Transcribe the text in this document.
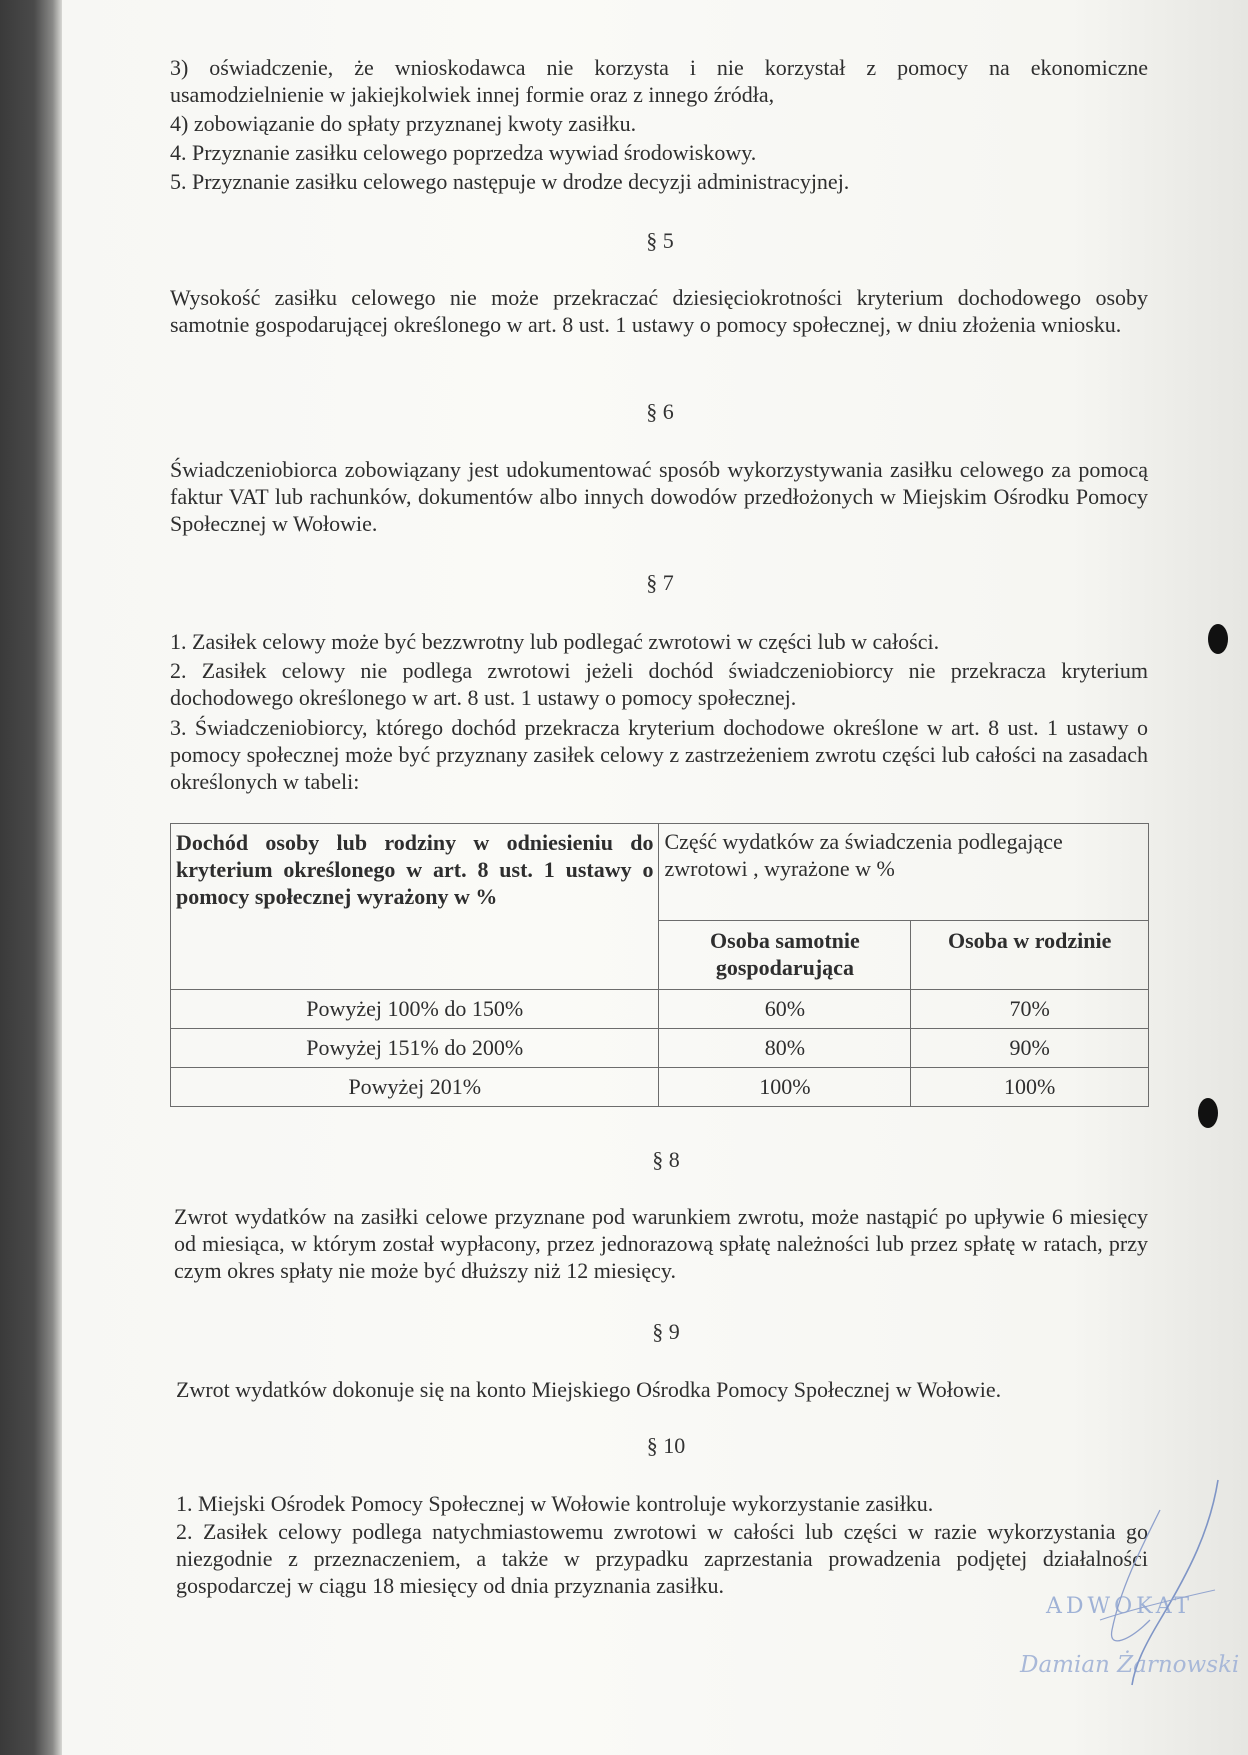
3) oświadczenie, że wnioskodawca nie korzysta i nie korzystał z pomocy na ekonomiczne

usamodzielnienie w jakiejkolwiek innej formie oraz z innego źródła,

4) zobowiązanie do spłaty przyznanej kwoty zasiłku.

4. Przyznanie zasiłku celowego poprzedza wywiad środowiskowy.

5. Przyznanie zasiłku celowego następuje w drodze decyzji administracyjnej.

§ 5

Wysokość zasiłku celowego nie może przekraczać dziesięciokrotności kryterium dochodowego osoby samotnie gospodarującej określonego w art. 8 ust. 1 ustawy o pomocy społecznej, w dniu złożenia wniosku.

§ 6

Świadczeniobiorca zobowiązany jest udokumentować sposób wykorzystywania zasiłku celowego za pomocą faktur VAT lub rachunków, dokumentów albo innych dowodów przedłożonych w Miejskim Ośrodku Pomocy Społecznej w Wołowie.

§ 7

1. Zasiłek celowy może być bezzwrotny lub podlegać zwrotowi w części lub w całości.

2. Zasiłek celowy nie podlega zwrotowi jeżeli dochód świadczeniobiorcy nie przekracza kryterium dochodowego określonego w art. 8 ust. 1 ustawy o pomocy społecznej.

3. Świadczeniobiorcy, którego dochód przekracza kryterium dochodowe określone w art. 8 ust. 1 ustawy o pomocy społecznej może być przyznany zasiłek celowy z zastrzeżeniem zwrotu części lub całości na zasadach określonych w tabeli:

Dochód osoby lub rodziny w odniesieniu do kryterium określonego w art. 8 ust. 1 ustawy o pomocy społecznej wyrażony w %	Część wydatków za świadczenia podlegające zwrotowi , wyrażone w %	
	Osoba samotnie gospodarująca	Osoba w rodzinie
Powyżej 100% do 150%	60%	70%
Powyżej 151% do 200%	80%	90%
Powyżej 201%	100%	100%

§ 8

Zwrot wydatków na zasiłki celowe przyznane pod warunkiem zwrotu, może nastąpić po upływie 6 miesięcy od miesiąca, w którym został wypłacony, przez jednorazową spłatę należności lub przez spłatę w ratach, przy czym okres spłaty nie może być dłuższy niż 12 miesięcy.

§ 9

Zwrot wydatków dokonuje się na konto Miejskiego Ośrodka Pomocy Społecznej w Wołowie.

§ 10

1. Miejski Ośrodek Pomocy Społecznej w Wołowie kontroluje wykorzystanie zasiłku.

2. Zasiłek celowy podlega natychmiastowemu zwrotowi w całości lub części w razie wykorzystania go niezgodnie z przeznaczeniem, a także w przypadku zaprzestania prowadzenia podjętej działalności gospodarczej w ciągu 18 miesięcy od dnia przyznania zasiłku.

ADWOKAT
Damian Żarnowski
